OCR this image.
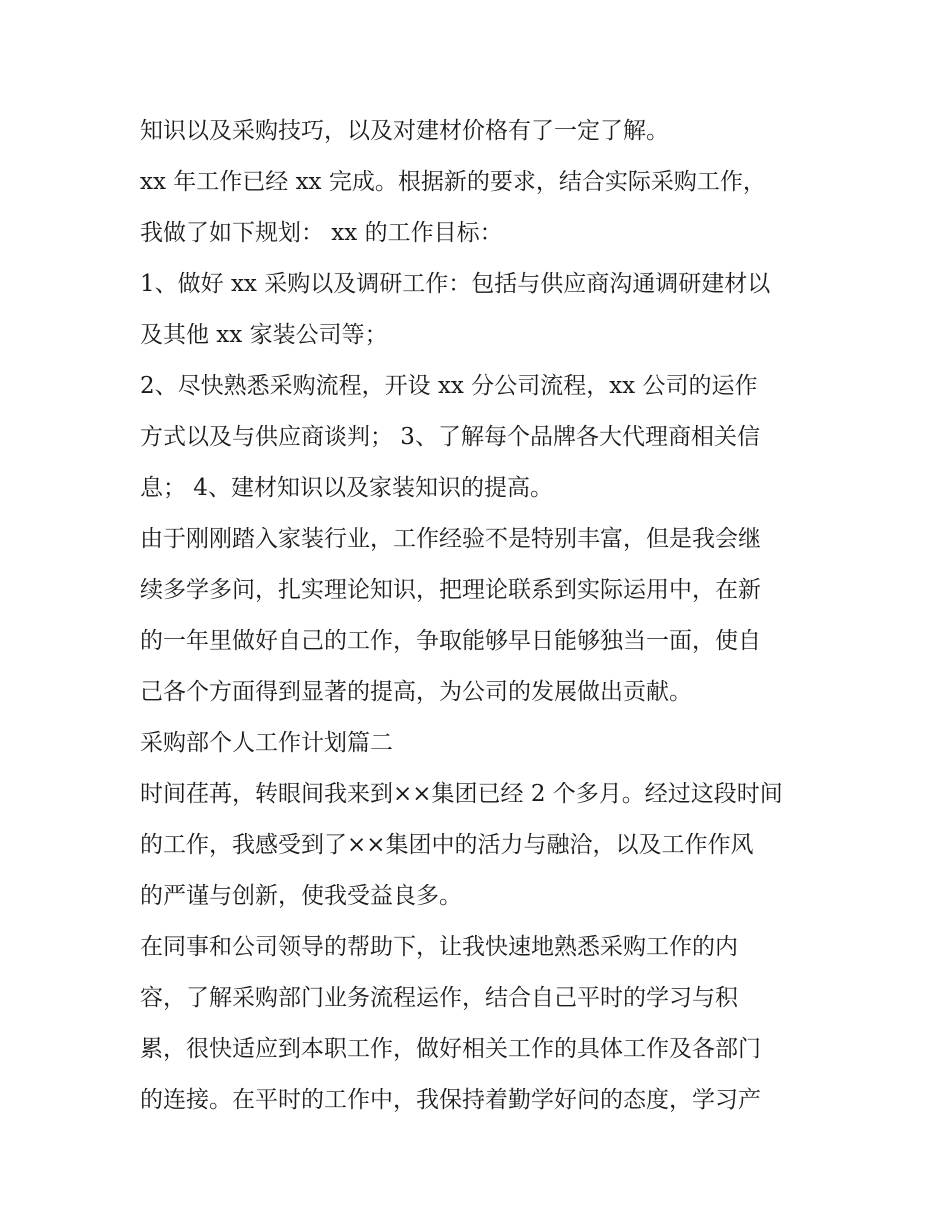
知识以及采购技巧，以及对建材价格有了一定了解。
xx 年工作已经 xx 完成。根据新的要求，结合实际采购工作，
我做了如下规划： xx 的工作目标：
1、做好 xx 采购以及调研工作：包括与供应商沟通调研建材以
及其他 xx 家装公司等；
2、尽快熟悉采购流程，开设 xx 分公司流程，xx 公司的运作
方式以及与供应商谈判； 3、了解每个品牌各大代理商相关信
息； 4、建材知识以及家装知识的提高。
由于刚刚踏入家装行业，工作经验不是特别丰富，但是我会继
续多学多问，扎实理论知识，把理论联系到实际运用中，在新
的一年里做好自己的工作，争取能够早日能够独当一面，使自
己各个方面得到显著的提高，为公司的发展做出贡献。
采购部个人工作计划篇二
时间荏苒，转眼间我来到××集团已经 2 个多月。经过这段时间
的工作，我感受到了××集团中的活力与融洽，以及工作作风
的严谨与创新，使我受益良多。
在同事和公司领导的帮助下，让我快速地熟悉采购工作的内
容，了解采购部门业务流程运作，结合自己平时的学习与积
累，很快适应到本职工作，做好相关工作的具体工作及各部门
的连接。在平时的工作中，我保持着勤学好问的态度，学习产
